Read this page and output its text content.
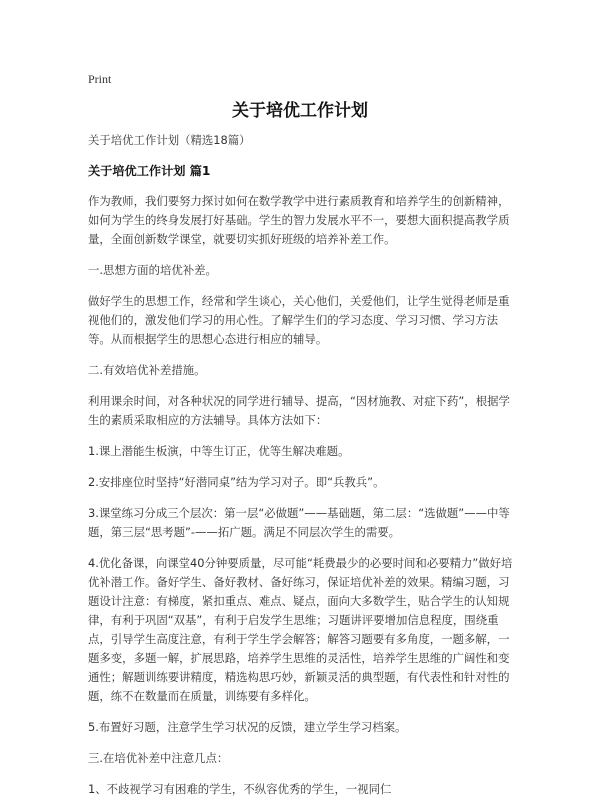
Print
关于培优工作计划

关于培优工作计划（精选18篇）

关于培优工作计划 篇1

作为教师，我们要努力探讨如何在数学教学中进行素质教育和培养学生的创新精神，如何为学生的终身发展打好基础。学生的智力发展水平不一，要想大面积提高教学质量，全面创新数学课堂，就要切实抓好班级的培养补差工作。

一.思想方面的培优补差。

做好学生的思想工作，经常和学生谈心，关心他们，关爱他们，让学生觉得老师是重视他们的，激发他们学习的用心性。了解学生们的学习态度、学习习惯、学习方法等。从而根据学生的思想心态进行相应的辅导。

二.有效培优补差措施。

利用课余时间，对各种状况的同学进行辅导、提高，“因材施教、对症下药”，根据学生的素质采取相应的方法辅导。具体方法如下：

1.课上潜能生板演，中等生订正，优等生解决难题。

2.安排座位时坚持“好潜同桌”结为学习对子。即“兵教兵”。

3.课堂练习分成三个层次：第一层“必做题”——基础题，第二层：“选做题”——中等题，第三层“思考题”-——拓广题。满足不同层次学生的需要。

4.优化备课，向课堂40分钟要质量，尽可能“耗费最少的必要时间和必要精力”做好培优补潜工作。备好学生、备好教材、备好练习，保证培优补差的效果。精编习题，习题设计注意：有梯度，紧扣重点、难点、疑点，面向大多数学生，贴合学生的认知规律，有利于巩固“双基”，有利于启发学生思维；习题讲评要增加信息程度，围绕重点，引导学生高度注意，有利于学生学会解答；解答习题要有多角度，一题多解，一题多变，多题一解，扩展思路，培养学生思维的灵活性，培养学生思维的广阔性和变通性；解题训练要讲精度，精选构思巧妙，新颖灵活的典型题，有代表性和针对性的题，练不在数量而在质量，训练要有多样化。

5.布置好习题，注意学生学习状况的反馈，建立学生学习档案。

三.在培优补差中注意几点：

1、不歧视学习有困难的学生，不纵容优秀的学生，一视同仁
